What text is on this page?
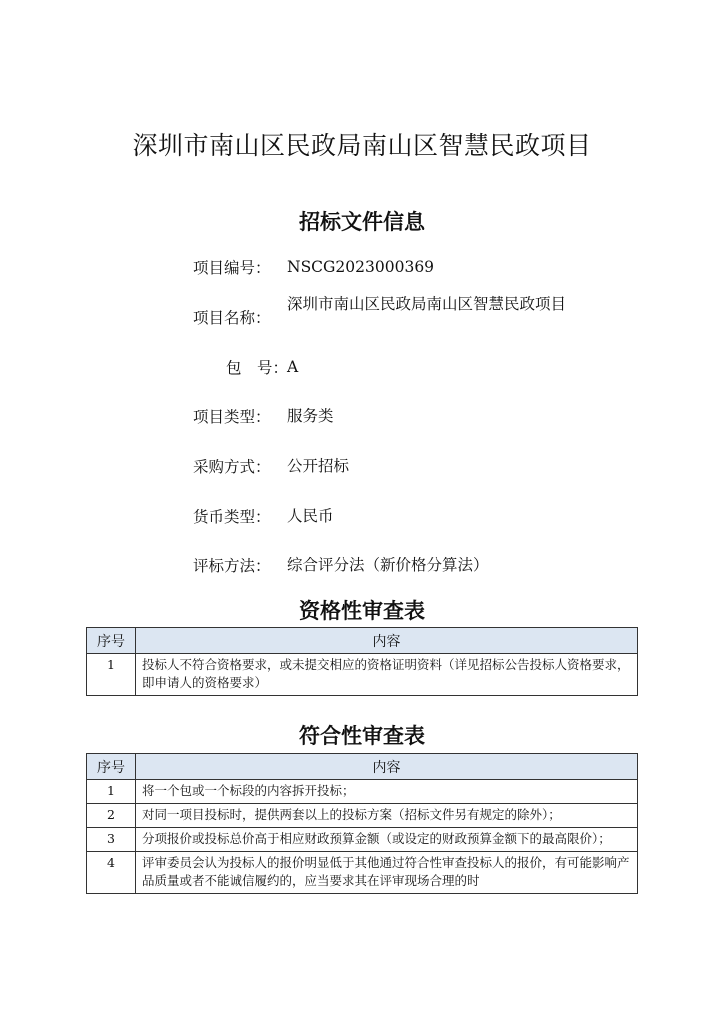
深圳市南山区民政局南山区智慧民政项目
招标文件信息
项目编号：	NSCG2023000369
项目名称：
深圳市南山区民政局南山区智慧民政项目
包　号：
A
项目类型：	服务类
采购方式：	公开招标
货币类型：	人民币
评标方法：	综合评分法（新价格分算法）
资格性审查表
序号	内容
1	投标人不符合资格要求，或未提交相应的资格证明资料（详见招标公告投标人资格要求，即申请人的资格要求）
符合性审查表
序号	内容
1	将一个包或一个标段的内容拆开投标；
2	对同一项目投标时，提供两套以上的投标方案（招标文件另有规定的除外）；
3	分项报价或投标总价高于相应财政预算金额（或设定的财政预算金额下的最高限价）；
4	评审委员会认为投标人的报价明显低于其他通过符合性审查投标人的报价，有可能影响产品质量或者不能诚信履约的，应当要求其在评审现场合理的时
